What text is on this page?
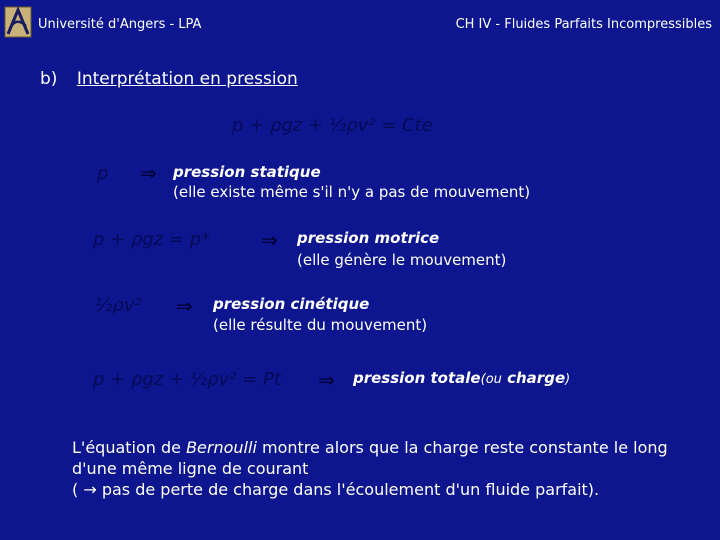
Université d'Angers - LPA	CH IV - Fluides Parfaits Incompressibles
b) Interprétation en pression
p + ρgz + ½ρv² = Cte
p ⇒ pression statique
(elle existe même s'il n'y a pas de mouvement)
p + ρgz = p*	⇒ pression motrice
(elle génère le mouvement)
½ρv² ⇒ pression cinétique
(elle résulte du mouvement)
p + ρgz + ½ρv² = Pt ⇒ pression totale(ou charge)
L'équation de Bernoulli montre alors que la charge reste constante le long d'une même ligne de courant
( → pas de perte de charge dans l'écoulement d'un fluide parfait).
